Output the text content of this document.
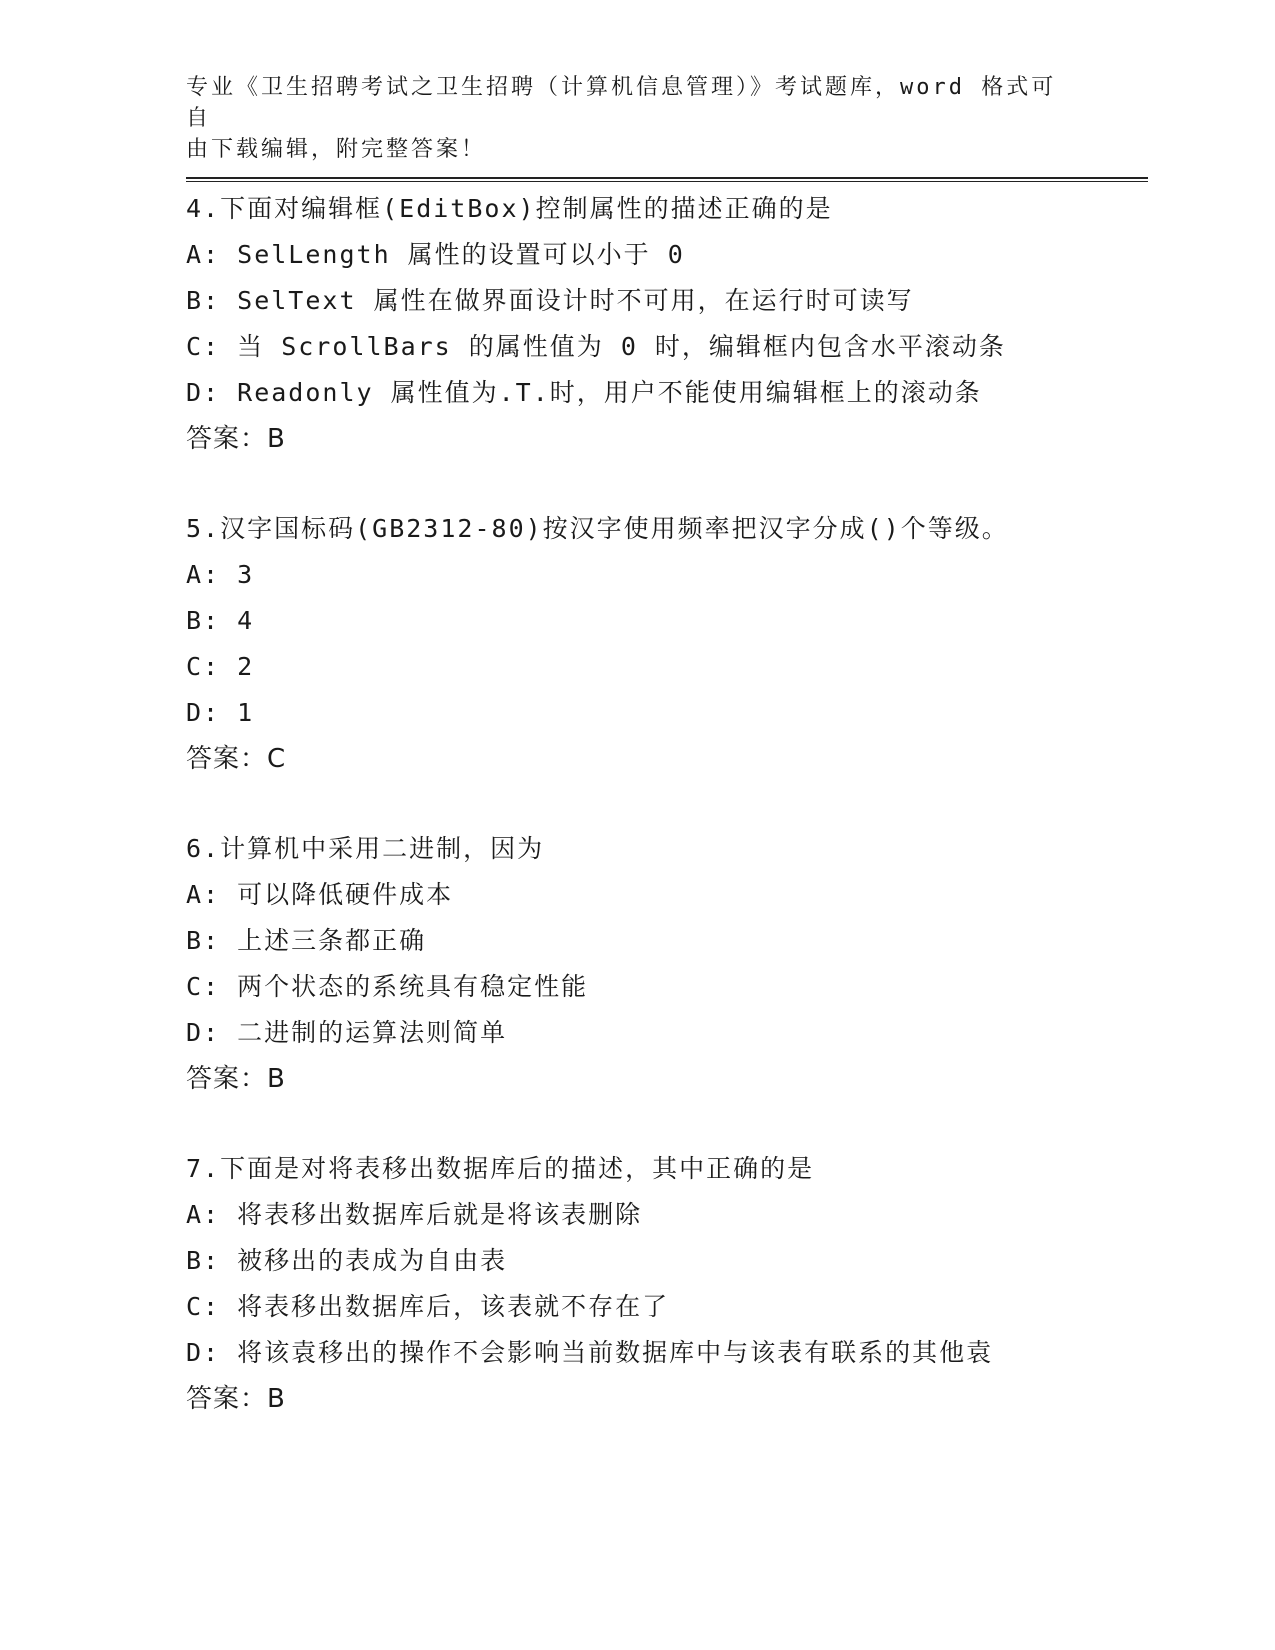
专业《卫生招聘考试之卫生招聘（计算机信息管理）》考试题库，word 格式可自
由下载编辑，附完整答案！
4.下面对编辑框(EditBox)控制属性的描述正确的是
A: SelLength 属性的设置可以小于 0
B: SelText 属性在做界面设计时不可用，在运行时可读写
C: 当 ScrollBars 的属性值为 0 时，编辑框内包含水平滚动条
D: Readonly 属性值为.T.时，用户不能使用编辑框上的滚动条
答案：B
5.汉字国标码(GB2312-80)按汉字使用频率把汉字分成()个等级。
A: 3
B: 4
C: 2
D: 1
答案：C
6.计算机中采用二进制，因为
A: 可以降低硬件成本
B: 上述三条都正确
C: 两个状态的系统具有稳定性能
D: 二进制的运算法则简单
答案：B
7.下面是对将表移出数据库后的描述，其中正确的是
A: 将表移出数据库后就是将该表删除
B: 被移出的表成为自由表
C: 将表移出数据库后，该表就不存在了
D: 将该袁移出的操作不会影响当前数据库中与该表有联系的其他袁
答案：B
